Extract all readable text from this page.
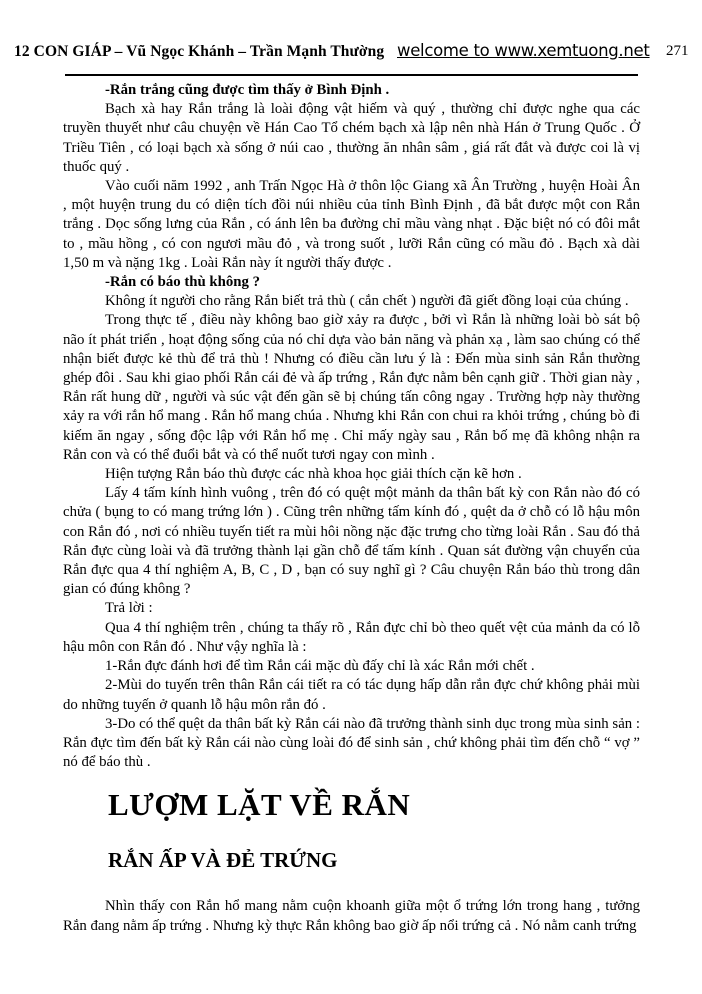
12 CON GIÁP – Vũ Ngọc Khánh – Trần Mạnh Thường welcome to www.xemtuong.net 271

-Rắn trắng cũng được tìm thấy ở Bình Định .

Bạch xà hay Rắn trắng là loài động vật hiếm và quý , thường chỉ được nghe qua các truyền thuyết như câu chuyện về Hán Cao Tổ chém bạch xà lập nên nhà Hán ở Trung Quốc . Ở Triều Tiên , có loại bạch xà sống ở núi cao , thường ăn nhân sâm , giá rất đắt và được coi là vị thuốc quý .

Vào cuối năm 1992 , anh Trấn Ngọc Hà ở thôn lộc Giang xã Ân Trường , huyện Hoài Ân , một huyện trung du có diện tích đồi núi nhiều của tỉnh Bình Định , đã bắt được một con Rắn trắng . Dọc sống lưng của Rắn , có ánh lên ba đường chỉ mầu vàng nhạt . Đặc biệt nó có đôi mắt to , mầu hồng , có con ngươi mầu đỏ , và trong suốt , lưỡi Rắn cũng có mầu đỏ . Bạch xà dài 1,50 m và nặng 1kg . Loài Rắn này ít người thấy được .

-Rắn có báo thù không ?

Không ít người cho rằng Rắn biết trả thù ( cắn chết ) người đã giết đồng loại của chúng .

Trong thực tế , điều này không bao giờ xảy ra được , bởi vì Rắn là những loài bò sát bộ não ít phát triển , hoạt động sống của nó chỉ dựa vào bản năng và phản xạ , làm sao chúng có thể nhận biết được kẻ thù để trả thù ! Nhưng có điều cần lưu ý là : Đến mùa sinh sản Rắn thường ghép đôi . Sau khi giao phối Rắn cái đẻ và ấp trứng , Rắn đực nằm bên cạnh giữ . Thời gian này , Rắn rất hung dữ , người và súc vật đến gần sẽ bị chúng tấn công ngay . Trường hợp này thường xảy ra với rắn hổ mang . Rắn hổ mang chúa . Nhưng khi Rắn con chui ra khỏi trứng , chúng bò đi kiếm ăn ngay , sống độc lập với Rắn hổ mẹ . Chỉ mấy ngày sau , Rắn bố mẹ đã không nhận ra Rắn con và có thể đuổi bắt và có thể nuốt tươi ngay con mình .

Hiện tượng Rắn báo thù được các nhà khoa học giải thích cặn kẽ hơn .

Lấy 4 tấm kính hình vuông , trên đó có quệt một mảnh da thân bất kỳ con Rắn nào đó có chửa ( bụng to có mang trứng lớn ) . Cũng trên những tấm kính đó , quệt da ở chỗ có lỗ hậu môn con Rắn đó , nơi có nhiều tuyến tiết ra mùi hôi nồng nặc đặc trưng cho từng loài Rắn . Sau đó thả Rắn đực cùng loài và đã trưởng thành lại gần chỗ để tấm kính . Quan sát đường vận chuyển của Rắn đực qua 4 thí nghiệm A, B, C , D , bạn có suy nghĩ gì ? Câu chuyện Rắn báo thù trong dân gian có đúng không ?

Trả lời :

Qua 4 thí nghiệm trên , chúng ta thấy rõ , Rắn đực chỉ bò theo quết vệt của mảnh da có lỗ hậu môn con Rắn đó . Như vậy nghĩa là :

1-Rắn đực đánh hơi để tìm Rắn cái mặc dù đấy chỉ là xác Rắn mới chết .

2-Mùi do tuyến trên thân Rắn cái tiết ra có tác dụng hấp dẫn rắn đực chứ không phải mùi do những tuyến ở quanh lỗ hậu môn rắn đó .

3-Do có thể quệt da thân bất kỳ Rắn cái nào đã trưởng thành sinh dục trong mùa sinh sản : Rắn đực tìm đến bất kỳ Rắn cái nào cùng loài đó để sinh sản , chứ không phải tìm đến chỗ “ vợ ” nó để báo thù .

LƯỢM LẶT VỀ RẮN
RẮN ẤP VÀ ĐẺ TRỨNG

Nhìn thấy con Rắn hổ mang nằm cuộn khoanh giữa một ổ trứng lớn trong hang , tưởng Rắn đang nằm ấp trứng . Nhưng kỳ thực Rắn không bao giờ ấp nổi trứng cả . Nó nằm canh trứng
